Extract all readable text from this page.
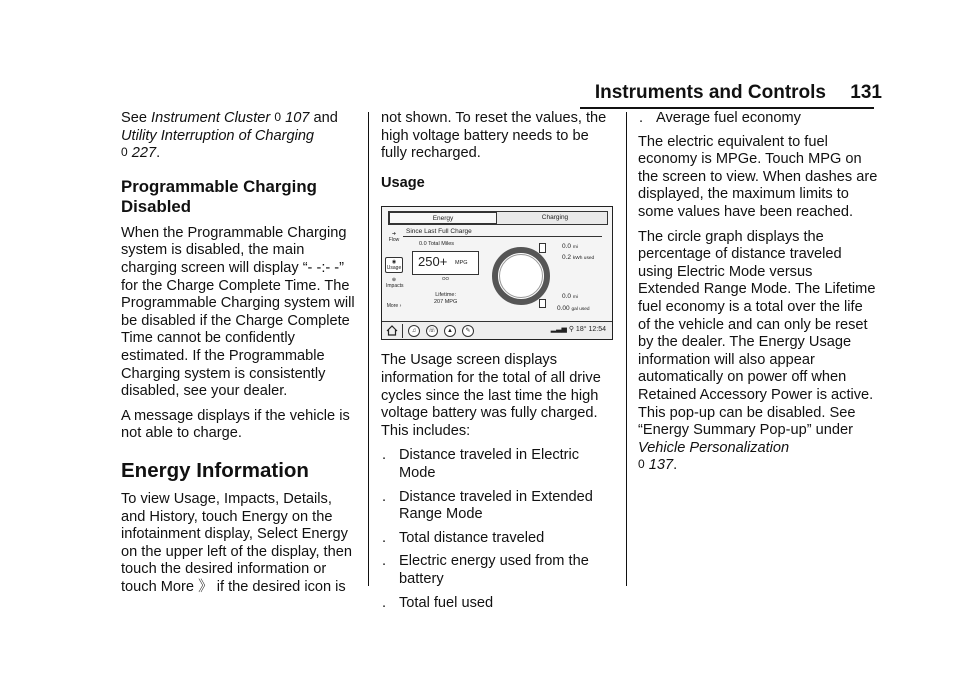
Instruments and Controls 131

See Instrument Cluster 0 107 and Utility Interruption of Charging
0 227.

Programmable Charging Disabled

When the Programmable Charging system is disabled, the main charging screen will display “- -:- -” for the Charge Complete Time. The Programmable Charging system will be disabled if the Charge Complete Time cannot be confidently estimated. If the Programmable Charging system is consistently disabled, see your dealer.

A message displays if the vehicle is not able to charge.

Energy Information

To view Usage, Impacts, Details, and History, touch Energy on the infotainment display, Select Energy on the upper left of the display, then touch the desired information or touch More 》 if the desired icon is

not shown. To reset the values, the high voltage battery needs to be fully recharged.

Usage
Energy	Charging
Since Last Full Charge
➜
Flow
◉
Usage
⊕
Impacts
More ›
0.0 Total Miles
250+ MPG
OO
Lifetime:
207 MPG
0.0 mi
0.2 kWh used
0.0 mi
0.00 gal used
♫	☏	▲	✎	▂▃▅ ⚲ 18° 12:54

The Usage screen displays information for the total of all drive cycles since the last time the high voltage battery was fully charged. This includes:

. Distance traveled in Electric Mode
. Distance traveled in Extended Range Mode
. Total distance traveled
. Electric energy used from the battery
. Total fuel used
. Average fuel economy

The electric equivalent to fuel economy is MPGe. Touch MPG on the screen to view. When dashes are displayed, the maximum limits to some values have been reached.

The circle graph displays the percentage of distance traveled using Electric Mode versus Extended Range Mode. The Lifetime fuel economy is a total over the life of the vehicle and can only be reset by the dealer. The Energy Usage information will also appear automatically on power off when Retained Accessory Power is active. This pop-up can be disabled. See “Energy Summary Pop-up” under Vehicle Personalization
0 137.
